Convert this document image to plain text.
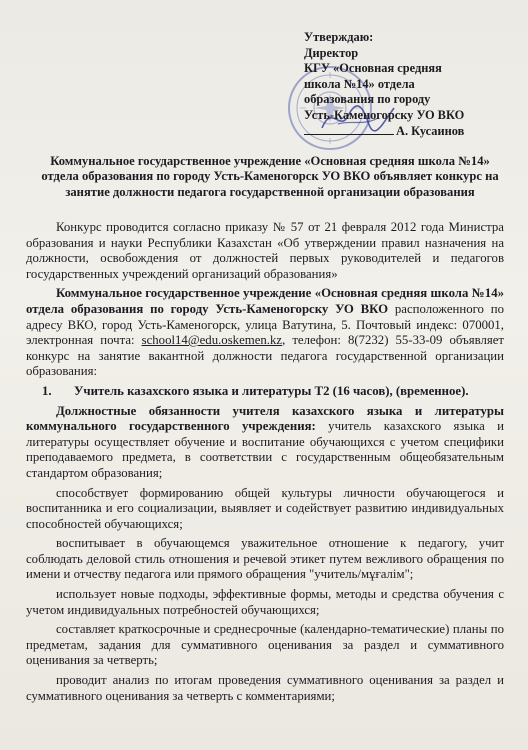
Утверждаю:
Директор
КГУ «Основная средняя
школа №14» отдела
образования по городу
Усть-Каменогорску УО ВКО
А. Кусаинов
Коммунальное государственное учреждение «Основная средняя школа №14» отдела образования по городу Усть-Каменогорск УО ВКО объявляет конкурс на занятие должности педагога государственной организации образования

Конкурс проводится согласно приказу № 57 от 21 февраля 2012 года Министра образования и науки Республики Казахстан «Об утверждении правил назначения на должности, освобождения от должностей первых руководителей и педагогов государственных учреждений организаций образования»

Коммунальное государственное учреждение «Основная средняя школа №14» отдела образования по городу Усть-Каменогорску УО ВКО расположенного по адресу ВКО, город Усть-Каменогорск, улица Ватутина, 5. Почтовый индекс: 070001, электронная почта: school14@edu.oskemen.kz, телефон: 8(7232) 55-33-09 объявляет конкурс на занятие вакантной должности педагога государственной организации образования:

1. Учитель казахского языка и литературы Т2 (16 часов), (временное).

Должностные обязанности учителя казахского языка и литературы коммунального государственного учреждения: учитель казахского языка и литературы осуществляет обучение и воспитание обучающихся с учетом специфики преподаваемого предмета, в соответствии с государственным общеобязательным стандартом образования;

способствует формированию общей культуры личности обучающегося и воспитанника и его социализации, выявляет и содействует развитию индивидуальных способностей обучающихся;

воспитывает в обучающемся уважительное отношение к педагогу, учит соблюдать деловой стиль отношения и речевой этикет путем вежливого обращения по имени и отчеству педагога или прямого обращения "учитель/мұғалім";

использует новые подходы, эффективные формы, методы и средства обучения с учетом индивидуальных потребностей обучающихся;

составляет краткосрочные и среднесрочные (календарно-тематические) планы по предметам, задания для суммативного оценивания за раздел и суммативного оценивания за четверть;

проводит анализ по итогам проведения суммативного оценивания за раздел и суммативного оценивания за четверть с комментариями;
